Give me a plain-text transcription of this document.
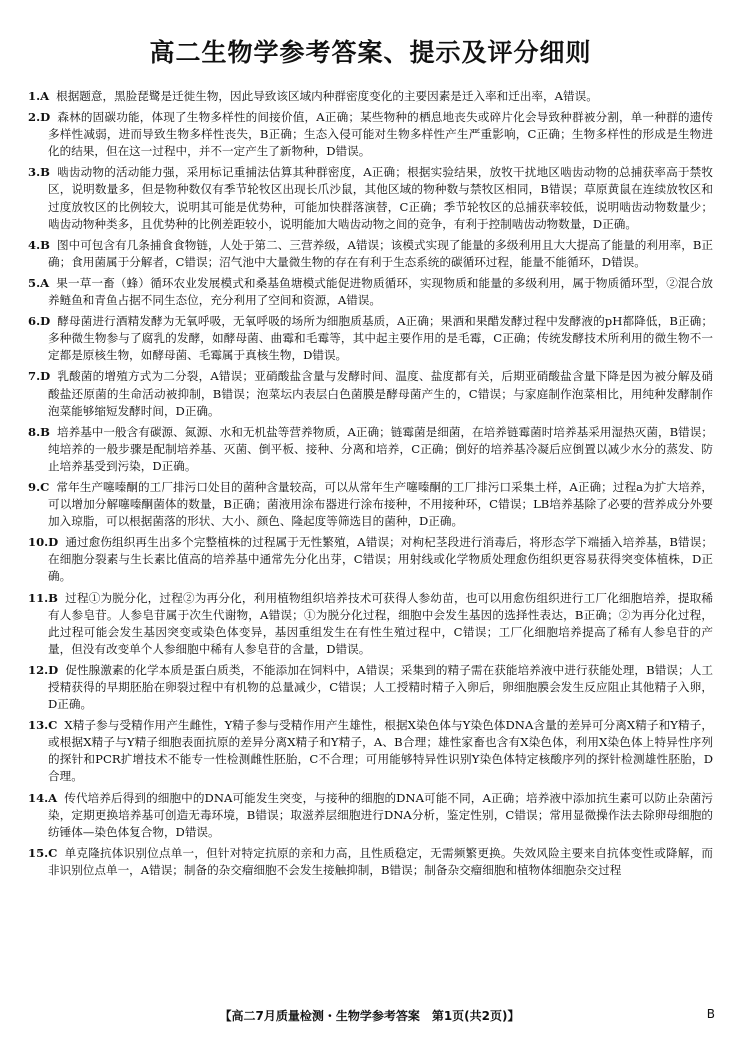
高二生物学参考答案、提示及评分细则
1.A 根据题意，黑脸琵鹭是迁徙生物，因此导致该区域内种群密度变化的主要因素是迁入率和迁出率，A错误。
2.D 森林的固碳功能，体现了生物多样性的间接价值，A正确；某些物种的栖息地丧失或碎片化会导致种群被分割，单一种群的遗传多样性减弱，进而导致生物多样性丧失，B正确；生态入侵可能对生物多样性产生严重影响，C正确；生物多样性的形成是生物进化的结果，但在这一过程中，并不一定产生了新物种，D错误。
3.B 啮齿动物的活动能力强，采用标记重捕法估算其种群密度，A正确；根据实验结果，放牧干扰地区啮齿动物的总捕获率高于禁牧区，说明数量多，但是物种数仅有季节轮牧区出现长爪沙鼠，其他区域的物种数与禁牧区相同，B错误；草原黄鼠在连续放牧区和过度放牧区的比例较大，说明其可能是优势种，可能加快群落演替，C正确；季节轮牧区的总捕获率较低，说明啮齿动物数量少；啮齿动物种类多，且优势种的比例差距较小，说明能加大啮齿动物之间的竞争，有利于控制啮齿动物数量，D正确。
4.B 图中可包含有几条捕食食物链，人处于第二、三营养级，A错误；该模式实现了能量的多级利用且大大提高了能量的利用率，B正确；食用菌属于分解者，C错误；沼气池中大量微生物的存在有利于生态系统的碳循环过程，能量不能循环，D错误。
5.A 果一草一畜（蜂）循环农业发展模式和桑基鱼塘模式能促进物质循环，实现物质和能量的多级利用，属于物质循环型，②混合放养鲢鱼和青鱼占据不同生态位，充分利用了空间和资源，A错误。
6.D 酵母菌进行酒精发酵为无氧呼吸，无氧呼吸的场所为细胞质基质，A正确；果酒和果醋发酵过程中发酵液的pH都降低，B正确；多种微生物参与了腐乳的发酵，如酵母菌、曲霉和毛霉等，其中起主要作用的是毛霉，C正确；传统发酵技术所利用的微生物不一定都是原核生物，如酵母菌、毛霉属于真核生物，D错误。
7.D 乳酸菌的增殖方式为二分裂，A错误；亚硝酸盐含量与发酵时间、温度、盐度都有关，后期亚硝酸盐含量下降是因为被分解及硝酸盐还原菌的生命活动被抑制，B错误；泡菜坛内表层白色菌膜是酵母菌产生的，C错误；与家庭制作泡菜相比，用纯种发酵制作泡菜能够缩短发酵时间，D正确。
8.B 培养基中一般含有碳源、氮源、水和无机盐等营养物质，A正确；链霉菌是细菌，在培养链霉菌时培养基采用湿热灭菌，B错误；纯培养的一般步骤是配制培养基、灭菌、倒平板、接种、分离和培养，C正确；倒好的培养基冷凝后应倒置以减少水分的蒸发、防止培养基受到污染，D正确。
9.C 常年生产噻嗪酮的工厂排污口处目的菌种含量较高，可以从常年生产噻嗪酮的工厂排污口采集土样，A正确；过程a为扩大培养，可以增加分解噻嗪酮菌体的数量，B正确；菌液用涂布器进行涂布接种，不用接种环，C错误；LB培养基除了必要的营养成分外要加入琼脂，可以根据菌落的形状、大小、颜色、隆起度等筛选目的菌种，D正确。
10.D 通过愈伤组织再生出多个完整植株的过程属于无性繁殖，A错误；对枸杞茎段进行消毒后，将形态学下端插入培养基，B错误；在细胞分裂素与生长素比值高的培养基中通常先分化出芽，C错误；用射线或化学物质处理愈伤组织更容易获得突变体植株，D正确。
11.B 过程①为脱分化，过程②为再分化，利用植物组织培养技术可获得人参幼苗，也可以用愈伤组织进行工厂化细胞培养，提取稀有人参皂苷。人参皂苷属于次生代谢物，A错误；①为脱分化过程，细胞中会发生基因的选择性表达，B正确；②为再分化过程，此过程可能会发生基因突变或染色体变异，基因重组发生在有性生殖过程中，C错误；工厂化细胞培养提高了稀有人参皂苷的产量，但没有改变单个人参细胞中稀有人参皂苷的含量，D错误。
12.D 促性腺激素的化学本质是蛋白质类，不能添加在饲料中，A错误；采集到的精子需在获能培养液中进行获能处理，B错误；人工授精获得的早期胚胎在卵裂过程中有机物的总量减少，C错误；人工授精时精子入卵后，卵细胞膜会发生反应阻止其他精子入卵，D正确。
13.C X精子参与受精作用产生雌性，Y精子参与受精作用产生雄性，根据X染色体与Y染色体DNA含量的差异可分离X精子和Y精子，或根据X精子与Y精子细胞表面抗原的差异分离X精子和Y精子，A、B合理；雄性家畜也含有X染色体，利用X染色体上特异性序列的探针和PCR扩增技术不能专一性检测雌性胚胎，C不合理；可用能够特异性识别Y染色体特定核酸序列的探针检测雄性胚胎，D合理。
14.A 传代培养后得到的细胞中的DNA可能发生突变，与接种的细胞的DNA可能不同，A正确；培养液中添加抗生素可以防止杂菌污染，定期更换培养基可创造无毒环境，B错误；取滋养层细胞进行DNA分析，鉴定性别，C错误；常用显微操作法去除卵母细胞的纺锤体—染色体复合物，D错误。
15.C 单克隆抗体识别位点单一，但针对特定抗原的亲和力高，且性质稳定，无需频繁更换。失效风险主要来自抗体变性或降解，而非识别位点单一，A错误；制备的杂交瘤细胞不会发生接触抑制，B错误；制备杂交瘤细胞和植物体细胞杂交过程
【高二7月质量检测・生物学参考答案　第1页(共2页)】	B
